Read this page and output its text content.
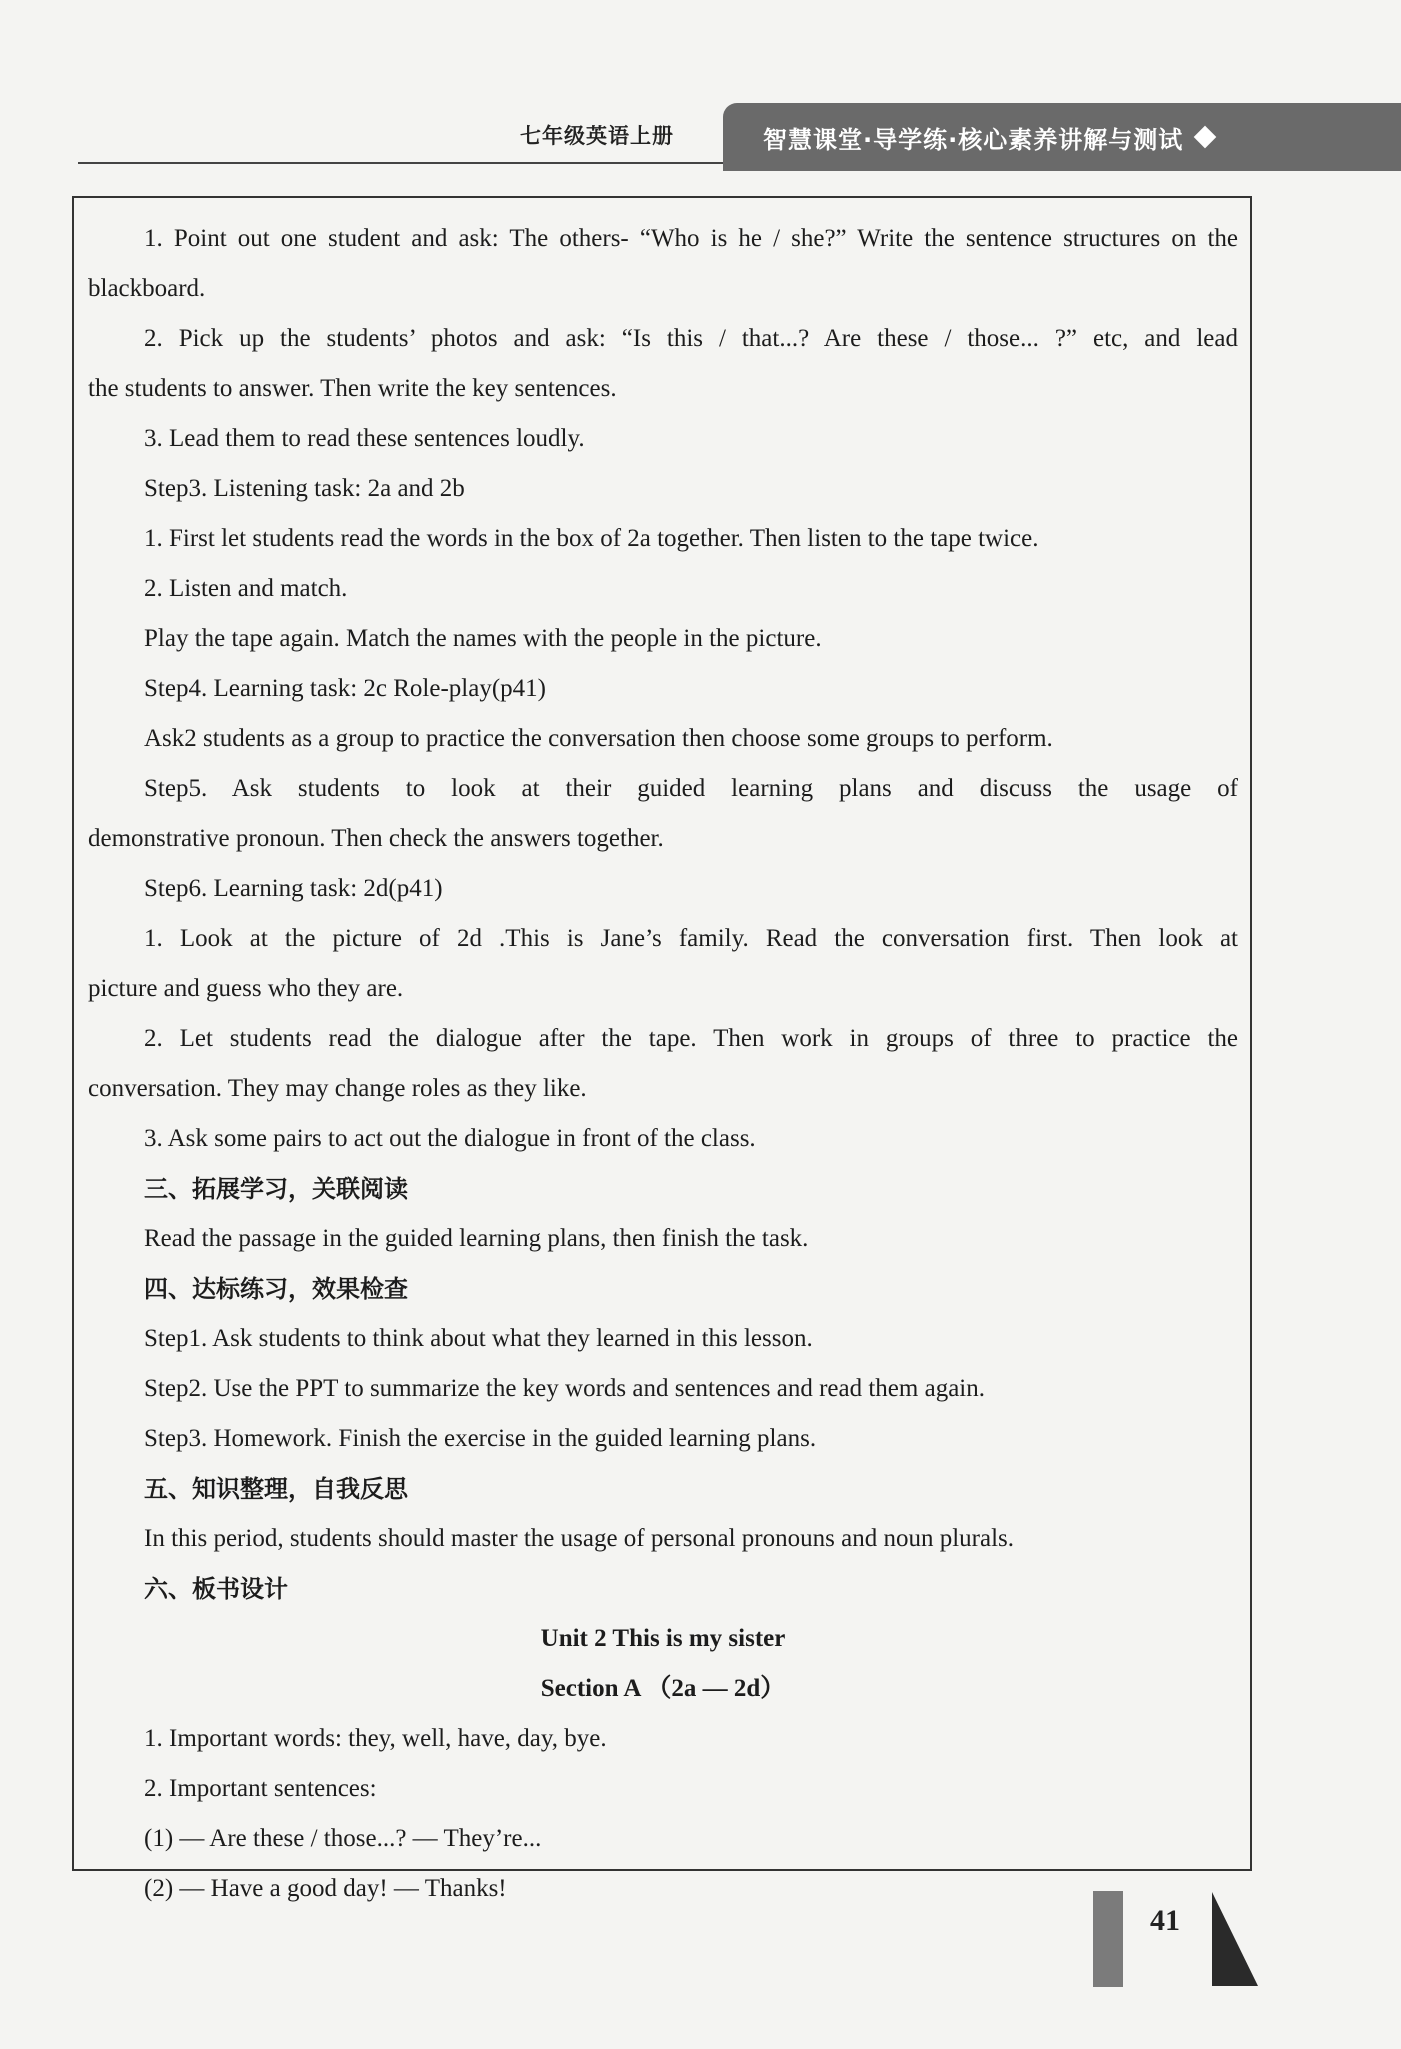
七年级英语上册	智慧课堂·导学练·核心素养讲解与测试
1. Point out one student and ask: The others- “Who is he / she?” Write the sentence structures on the
blackboard.
2. Pick up the students’ photos and ask: “Is this / that...? Are these / those... ?” etc, and lead
the students to answer. Then write the key sentences.
3. Lead them to read these sentences loudly.
Step3. Listening task: 2a and 2b
1. First let students read the words in the box of 2a together. Then listen to the tape twice.
2. Listen and match.
Play the tape again. Match the names with the people in the picture.
Step4. Learning task: 2c Role-play(p41)
Ask2 students as a group to practice the conversation then choose some groups to perform.
Step5. Ask students to look at their guided learning plans and discuss the usage of
demonstrative pronoun. Then check the answers together.
Step6. Learning task: 2d(p41)
1. Look at the picture of 2d .This is Jane’s family. Read the conversation first. Then look at
picture and guess who they are.
2. Let students read the dialogue after the tape. Then work in groups of three to practice the
conversation. They may change roles as they like.
3. Ask some pairs to act out the dialogue in front of the class.
三、拓展学习，关联阅读
Read the passage in the guided learning plans, then finish the task.
四、达标练习，效果检查
Step1. Ask students to think about what they learned in this lesson.
Step2. Use the PPT to summarize the key words and sentences and read them again.
Step3. Homework. Finish the exercise in the guided learning plans.
五、知识整理，自我反思
In this period, students should master the usage of personal pronouns and noun plurals.
六、板书设计
Unit 2 This is my sister
Section A （2a — 2d）
1. Important words: they, well, have, day, bye.
2. Important sentences:
(1) — Are these / those...? — They’re...
(2) — Have a good day! — Thanks!
41
